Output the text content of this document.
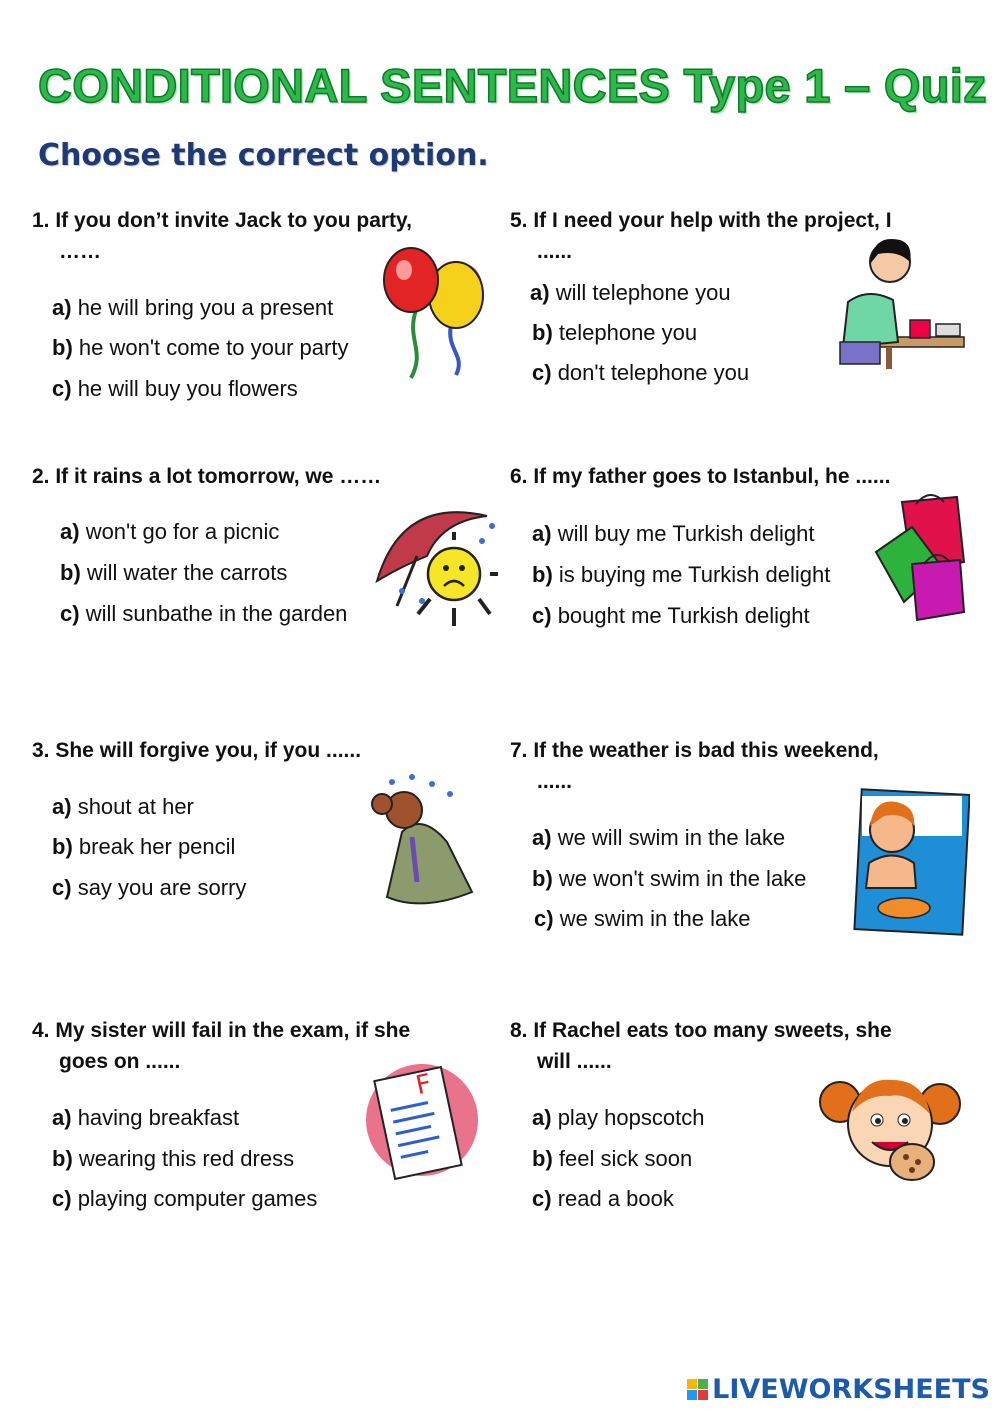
CONDITIONAL SENTENCES Type 1 – Quiz
Choose the correct option.
1. If you don’t invite Jack to you party,
……
a) he will bring you a present
b) he won't come to your party
c) he will buy you flowers
2. If it rains a lot tomorrow, we ……
a) won't go for a picnic
b) will water the carrots
c) will sunbathe in the garden
3. She will forgive you, if you ......
a) shout at her
b) break her pencil
c) say you are sorry
4. My sister will fail in the exam, if she
goes on ......
a) having breakfast
b) wearing this red dress
c) playing computer games
5. If I need your help with the project, I
......
a) will telephone you
b) telephone you
c) don't telephone you
6. If my father goes to Istanbul, he ......
a) will buy me Turkish delight
b) is buying me Turkish delight
c) bought me Turkish delight
7. If the weather is bad this weekend,
......
a) we will swim in the lake
b) we won't swim in the lake
c) we swim in the lake
8. If Rachel eats too many sweets, she
will ......
a) play hopscotch
b) feel sick soon
c) read a book
F
LIVEWORKSHEETS
